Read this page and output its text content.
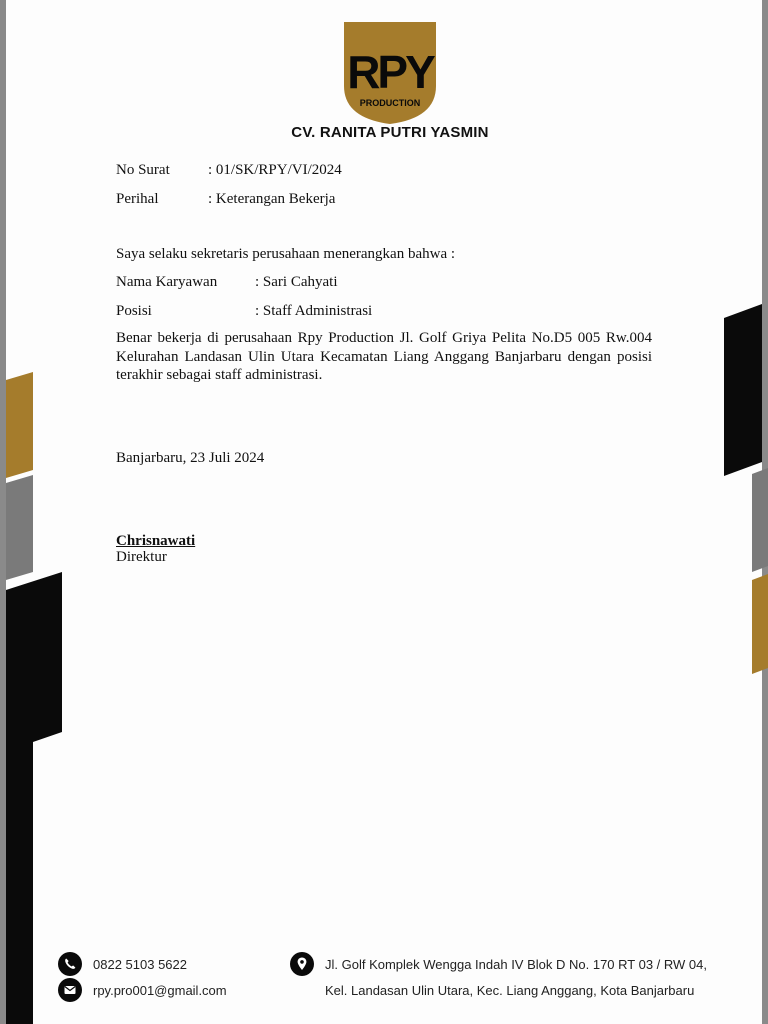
RPY
PRODUCTION
CV. RANITA PUTRI YASMIN
No Surat	: 01/SK/RPY/VI/2024
Perihal	: Keterangan Bekerja
Saya selaku sekretaris perusahaan menerangkan bahwa :
Nama Karyawan	: Sari Cahyati
Posisi	: Staff Administrasi
Benar bekerja di perusahaan Rpy Production Jl. Golf Griya Pelita No.D5 005 Rw.004 Kelurahan Landasan Ulin Utara Kecamatan Liang Anggang Banjarbaru dengan posisi terakhir sebagai staff administrasi.
Banjarbaru, 23 Juli 2024
Chrisnawati
Direktur
0822 5103 5622
rpy.pro001@gmail.com
Jl. Golf Komplek Wengga Indah IV Blok D No. 170 RT 03 / RW 04,
Kel. Landasan Ulin Utara, Kec. Liang Anggang, Kota Banjarbaru
